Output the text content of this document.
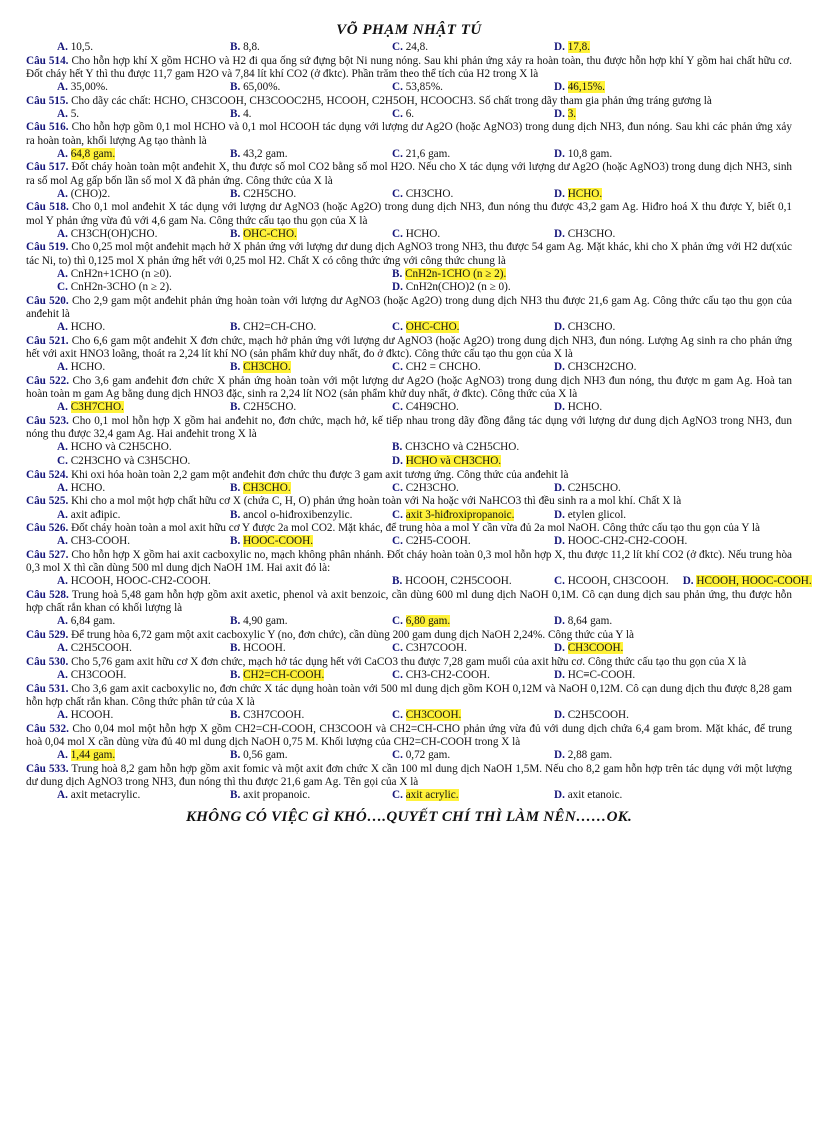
VÕ PHẠM NHẬT TÚ
A. 10,5.	B. 8,8.	C. 24,8.	D. 17,8.
Câu 514. Cho hỗn hợp khí X gồm HCHO và H2 đi qua ống sứ đựng bột Ni nung nóng. Sau khi phản ứng xảy ra hoàn toàn, thu được hỗn hợp khí Y gồm hai chất hữu cơ. Đốt cháy hết Y thì thu được 11,7 gam H2O và 7,84 lít khí CO2 (ở đktc). Phần trăm theo thể tích của H2 trong X là
A. 35,00%.	B. 65,00%.	C. 53,85%.	D. 46,15%.
Câu 515. Cho dãy các chất: HCHO, CH3COOH, CH3COOC2H5, HCOOH, C2H5OH, HCOOCH3. Số chất trong dãy tham gia phản ứng tráng gương là
A. 5.	B. 4.	C. 6.	D. 3.
Câu 516. Cho hỗn hợp gồm 0,1 mol HCHO và 0,1 mol HCOOH tác dụng với lượng dư Ag2O (hoặc AgNO3) trong dung dịch NH3, đun nóng. Sau khi các phản ứng xảy ra hoàn toàn, khối lượng Ag tạo thành là
A. 64,8 gam.	B. 43,2 gam.	C. 21,6 gam.	D. 10,8 gam.
Câu 517. Đốt cháy hoàn toàn một anđehit X, thu được số mol CO2 bằng số mol H2O. Nếu cho X tác dụng với lượng dư Ag2O (hoặc AgNO3) trong dung dịch NH3, sinh ra số mol Ag gấp bốn lần số mol X đã phản ứng. Công thức của X là
A. (CHO)2.	B. C2H5CHO.	C. CH3CHO.	D. HCHO.
Câu 518. Cho 0,1 mol anđehit X tác dụng với lượng dư AgNO3 (hoặc Ag2O) trong dung dịch NH3, đun nóng thu được 43,2 gam Ag. Hiđro hoá X thu được Y, biết 0,1 mol Y phản ứng vừa đủ với 4,6 gam Na. Công thức cấu tạo thu gọn của X là
A. CH3CH(OH)CHO.	B. OHC-CHO.	C. HCHO.	D. CH3CHO.
Câu 519. Cho 0,25 mol một anđehit mạch hở X phản ứng với lượng dư dung dịch AgNO3 trong NH3, thu được 54 gam Ag. Mặt khác, khi cho X phản ứng với H2 dư(xúc tác Ni, to) thì 0,125 mol X phản ứng hết với 0,25 mol H2. Chất X có công thức ứng với công thức chung là
A. CnH2n+1CHO (n ≥0).	B. CnH2n-1CHO (n ≥ 2).
C. CnH2n-3CHO (n ≥ 2).	D. CnH2n(CHO)2 (n ≥ 0).
Câu 520. Cho 2,9 gam một anđehit phản ứng hoàn toàn với lượng dư AgNO3 (hoặc Ag2O) trong dung dịch NH3 thu được 21,6 gam Ag. Công thức cấu tạo thu gọn của anđehit là
A. HCHO.	B. CH2=CH-CHO.	C. OHC-CHO.	D. CH3CHO.
Câu 521. Cho 6,6 gam một anđehit X đơn chức, mạch hở phản ứng với lượng dư AgNO3 (hoặc Ag2O) trong dung dịch NH3, đun nóng. Lượng Ag sinh ra cho phản ứng hết với axit HNO3 loãng, thoát ra 2,24 lít khí NO (sản phẩm khử duy nhất, đo ở đktc). Công thức cấu tạo thu gọn của X là
A. HCHO.	B. CH3CHO.	C. CH2 = CHCHO.	D. CH3CH2CHO.
Câu 522. Cho 3,6 gam anđehit đơn chức X phản ứng hoàn toàn với một lượng dư Ag2O (hoặc AgNO3) trong dung dịch NH3 đun nóng, thu được m gam Ag. Hoà tan hoàn toàn m gam Ag bằng dung dịch HNO3 đặc, sinh ra 2,24 lít NO2 (sản phẩm khử duy nhất, ở đktc). Công thức của X là
A. C3H7CHO.	B. C2H5CHO.	C. C4H9CHO.	D. HCHO.
Câu 523. Cho 0,1 mol hỗn hợp X gồm hai anđehit no, đơn chức, mạch hở, kế tiếp nhau trong dãy đồng đẳng tác dụng với lượng dư dung dịch AgNO3 trong NH3, đun nóng thu được 32,4 gam Ag. Hai anđehit trong X là
A. HCHO và C2H5CHO.	B. CH3CHO và C2H5CHO.
C. C2H3CHO và C3H5CHO.	D. HCHO và CH3CHO.
Câu 524. Khi oxi hóa hoàn toàn 2,2 gam một anđehit đơn chức thu được 3 gam axit tương ứng. Công thức của anđehit là
A. HCHO.	B. CH3CHO.	C. C2H3CHO.	D. C2H5CHO.
Câu 525. Khi cho a mol một hợp chất hữu cơ X (chứa C, H, O) phản ứng hoàn toàn với Na hoặc với NaHCO3 thì đều sinh ra a mol khí. Chất X là
A. axit ađipic.	B. ancol o-hiđroxibenzylic.	C. axit 3-hiđroxipropanoic.	D. etylen glicol.
Câu 526. Đốt cháy hoàn toàn a mol axit hữu cơ Y được 2a mol CO2. Mặt khác, để trung hòa a mol Y cần vừa đủ 2a mol NaOH. Công thức cấu tạo thu gọn của Y là
A. CH3-COOH.	B. HOOC-COOH.	C. C2H5-COOH.	D. HOOC-CH2-CH2-COOH.
Câu 527. Cho hỗn hợp X gồm hai axit cacboxylic no, mạch không phân nhánh. Đốt cháy hoàn toàn 0,3 mol hỗn hợp X, thu được 11,2 lít khí CO2 (ở đktc). Nếu trung hòa 0,3 mol X thì cần dùng 500 ml dung dịch NaOH 1M. Hai axit đó là:
A. HCOOH, HOOC-CH2-COOH.	B. HCOOH, C2H5COOH.	C. HCOOH, CH3COOH. D. HCOOH, HOOC-COOH.
Câu 528. Trung hoà 5,48 gam hỗn hợp gồm axit axetic, phenol và axit benzoic, cần dùng 600 ml dung dịch NaOH 0,1M. Cô cạn dung dịch sau phản ứng, thu được hỗn hợp chất rắn khan có khối lượng là
A. 6,84 gam.	B. 4,90 gam.	C. 6,80 gam.	D. 8,64 gam.
Câu 529. Để trung hòa 6,72 gam một axit cacboxylic Y (no, đơn chức), cần dùng 200 gam dung dịch NaOH 2,24%. Công thức của Y là
A. C2H5COOH.	B. HCOOH.	C. C3H7COOH.	D. CH3COOH.
Câu 530. Cho 5,76 gam axit hữu cơ X đơn chức, mạch hở tác dụng hết với CaCO3 thu được 7,28 gam muối của axit hữu cơ. Công thức cấu tạo thu gọn của X là
A. CH3COOH.	B. CH2=CH-COOH.	C. CH3-CH2-COOH.	D. HC≡C-COOH.
Câu 531. Cho 3,6 gam axit cacboxylic no, đơn chức X tác dụng hoàn toàn với 500 ml dung dịch gồm KOH 0,12M và NaOH 0,12M. Cô cạn dung dịch thu được 8,28 gam hỗn hợp chất rắn khan. Công thức phân tử của X là
A. HCOOH.	B. C3H7COOH.	C. CH3COOH.	D. C2H5COOH.
Câu 532. Cho 0,04 mol một hỗn hợp X gồm CH2=CH-COOH, CH3COOH và CH2=CH-CHO phản ứng vừa đủ với dung dịch chứa 6,4 gam brom. Mặt khác, để trung hoà 0,04 mol X cần dùng vừa đủ 40 ml dung dịch NaOH 0,75 M. Khối lượng của CH2=CH-COOH trong X là
A. 1,44 gam.	B. 0,56 gam.	C. 0,72 gam.	D. 2,88 gam.
Câu 533. Trung hoà 8,2 gam hỗn hợp gồm axit fomic và một axit đơn chức X cần 100 ml dung dịch NaOH 1,5M. Nếu cho 8,2 gam hỗn hợp trên tác dụng với một lượng dư dung dịch AgNO3 trong NH3, đun nóng thì thu được 21,6 gam Ag. Tên gọi của X là
A. axit metacrylic.	B. axit propanoic.	C. axit acrylic.	D. axit etanoic.
KHÔNG CÓ VIỆC GÌ KHÓ….QUYẾT CHÍ THÌ LÀM NÊN……OK.
